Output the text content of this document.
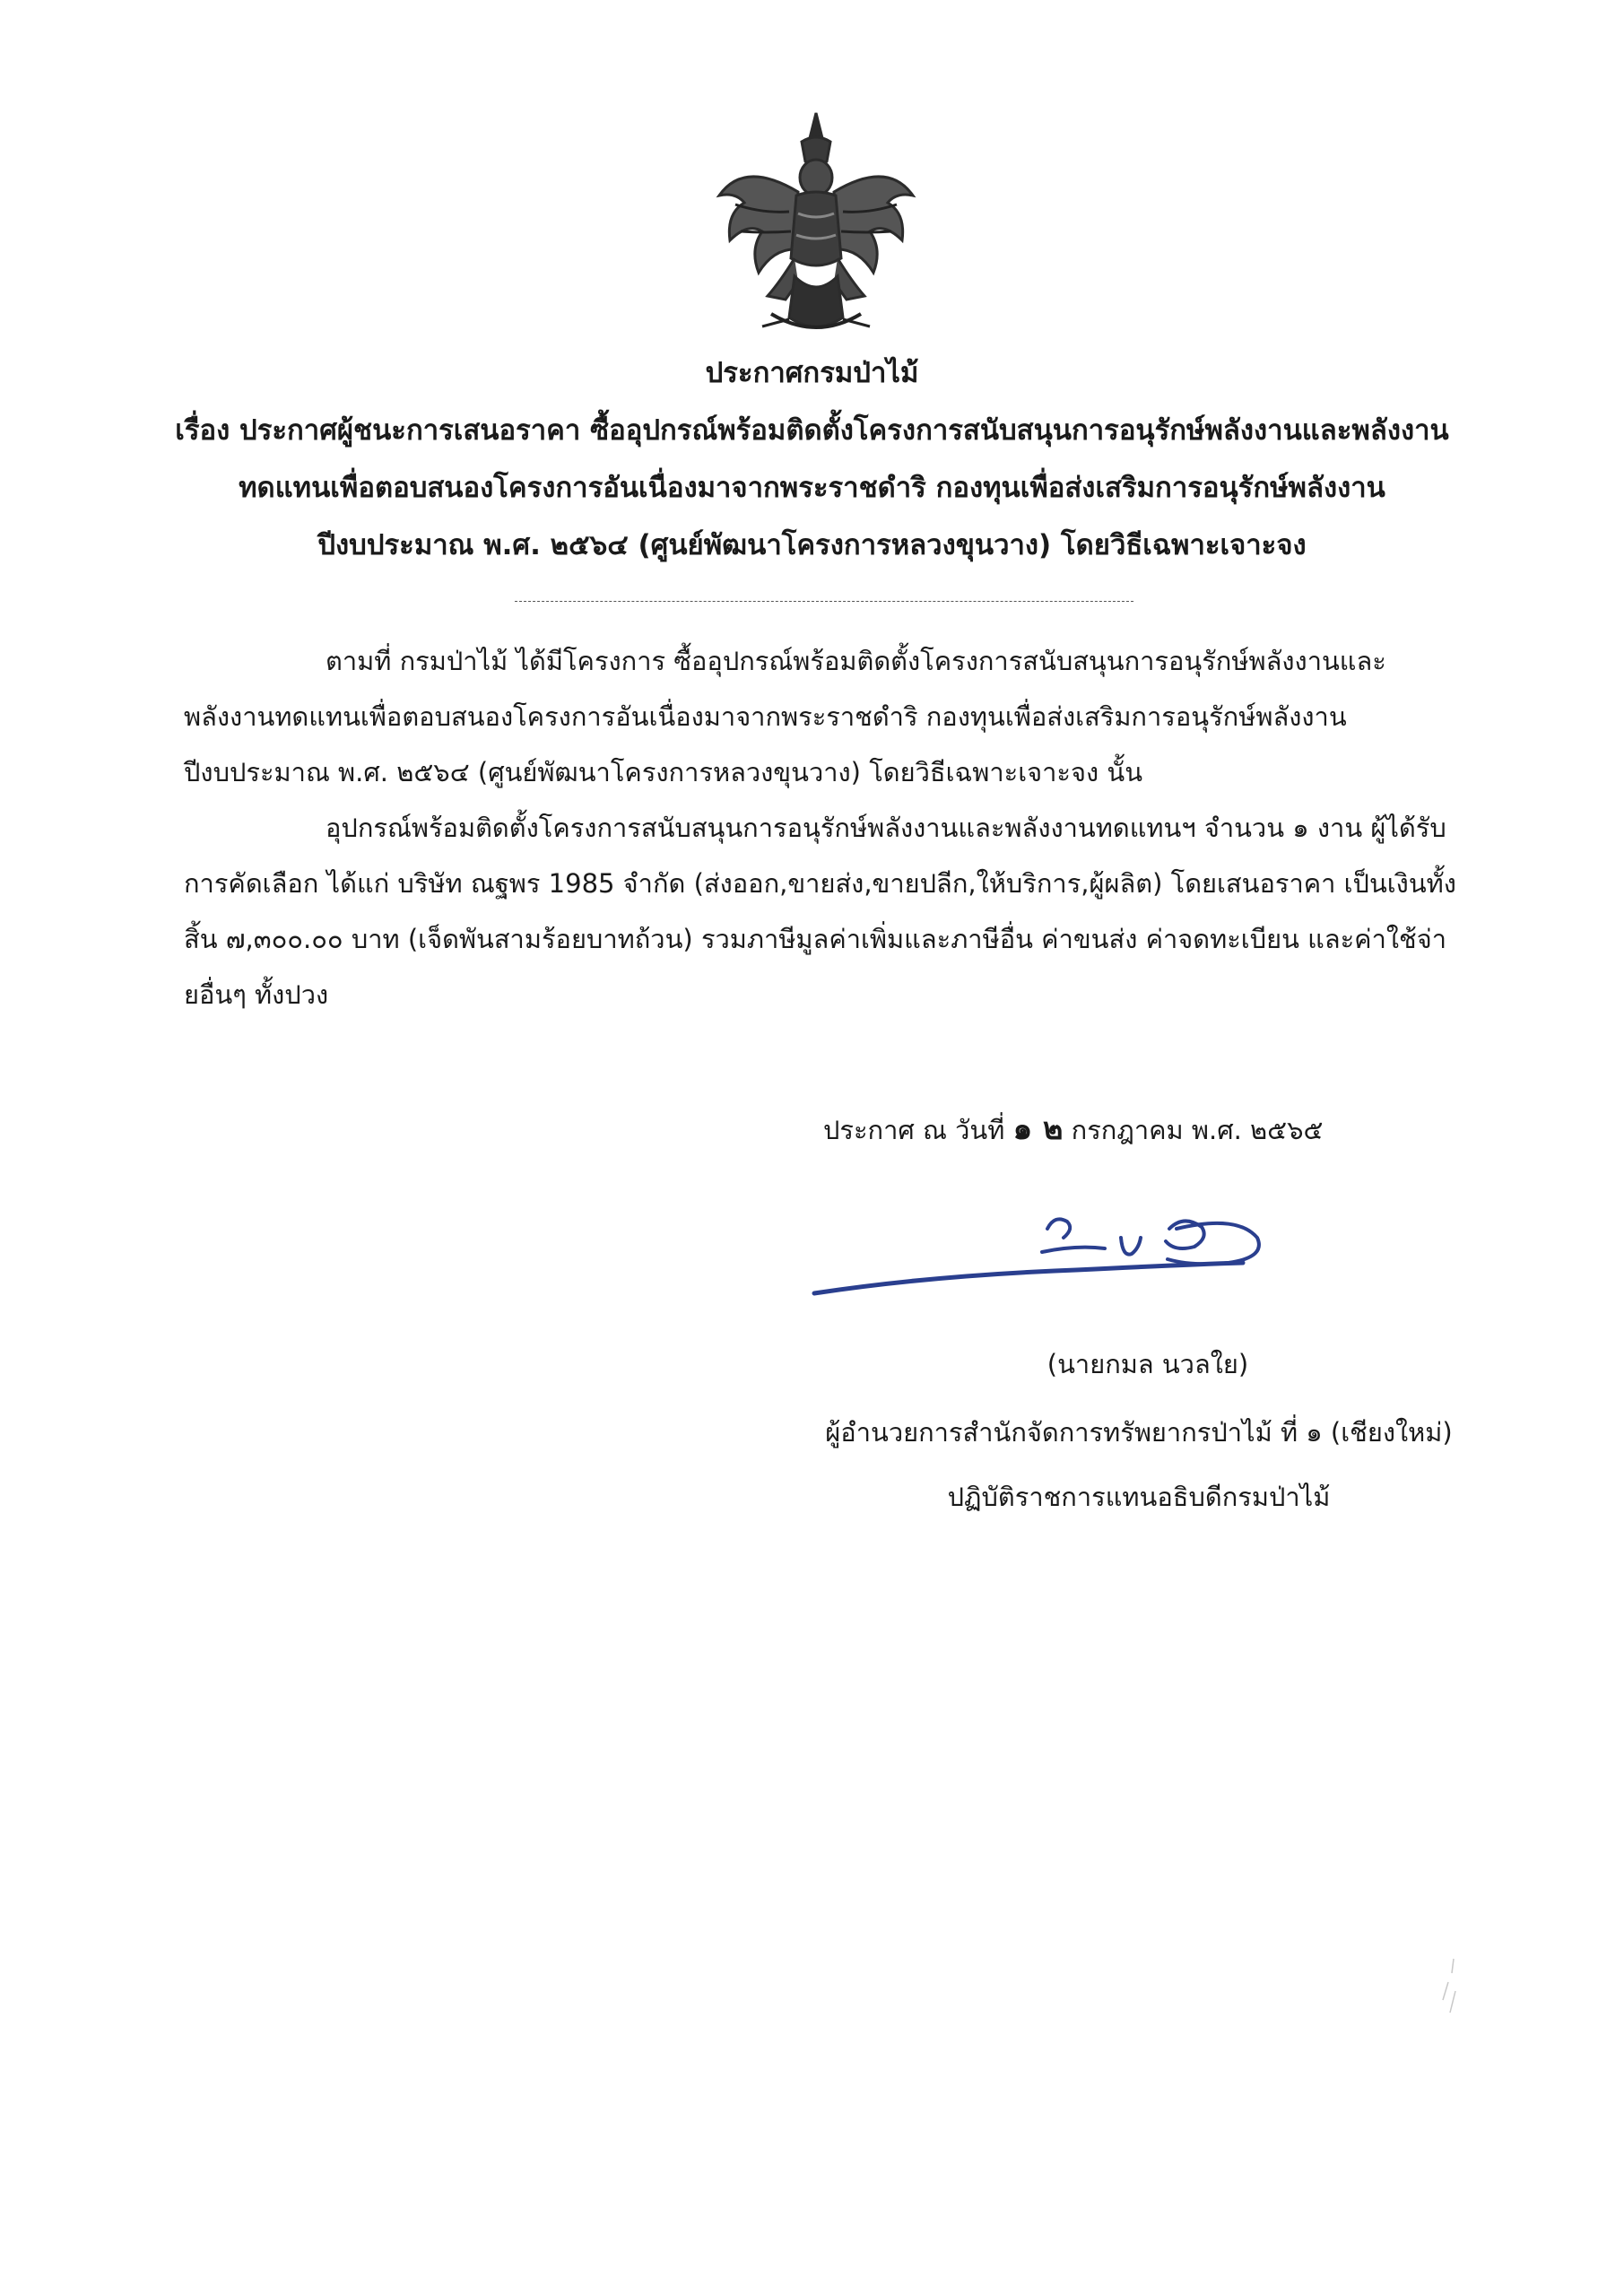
ประกาศกรมป่าไม้
เรื่อง ประกาศผู้ชนะการเสนอราคา ซื้ออุปกรณ์พร้อมติดตั้งโครงการสนับสนุนการอนุรักษ์พลังงานและพลังงาน
ทดแทนเพื่อตอบสนองโครงการอันเนื่องมาจากพระราชดำริ กองทุนเพื่อส่งเสริมการอนุรักษ์พลังงาน
ปีงบประมาณ พ.ศ. ๒๕๖๔ (ศูนย์พัฒนาโครงการหลวงขุนวาง) โดยวิธีเฉพาะเจาะจง
ตามที่ กรมป่าไม้ ได้มีโครงการ ซื้ออุปกรณ์พร้อมติดตั้งโครงการสนับสนุนการอนุรักษ์พลังงานและ
พลังงานทดแทนเพื่อตอบสนองโครงการอันเนื่องมาจากพระราชดำริ กองทุนเพื่อส่งเสริมการอนุรักษ์พลังงาน
ปีงบประมาณ พ.ศ. ๒๕๖๔ (ศูนย์พัฒนาโครงการหลวงขุนวาง) โดยวิธีเฉพาะเจาะจง นั้น
อุปกรณ์พร้อมติดตั้งโครงการสนับสนุนการอนุรักษ์พลังงานและพลังงานทดแทนฯ จำนวน ๑ งาน ผู้ได้รับ
การคัดเลือก ได้แก่ บริษัท ณฐพร 1985 จำกัด (ส่งออก,ขายส่ง,ขายปลีก,ให้บริการ,ผู้ผลิต) โดยเสนอราคา เป็นเงินทั้ง
สิ้น ๗,๓๐๐.๐๐ บาท (เจ็ดพันสามร้อยบาทถ้วน) รวมภาษีมูลค่าเพิ่มและภาษีอื่น ค่าขนส่ง ค่าจดทะเบียน และค่าใช้จ่า
ยอื่นๆ ทั้งปวง
ประกาศ ณ วันที่ ๑ ๒ กรกฎาคม พ.ศ. ๒๕๖๕
(นายกมล นวลใย)
ผู้อำนวยการสำนักจัดการทรัพยากรป่าไม้ ที่ ๑ (เชียงใหม่)
ปฏิบัติราชการแทนอธิบดีกรมป่าไม้
